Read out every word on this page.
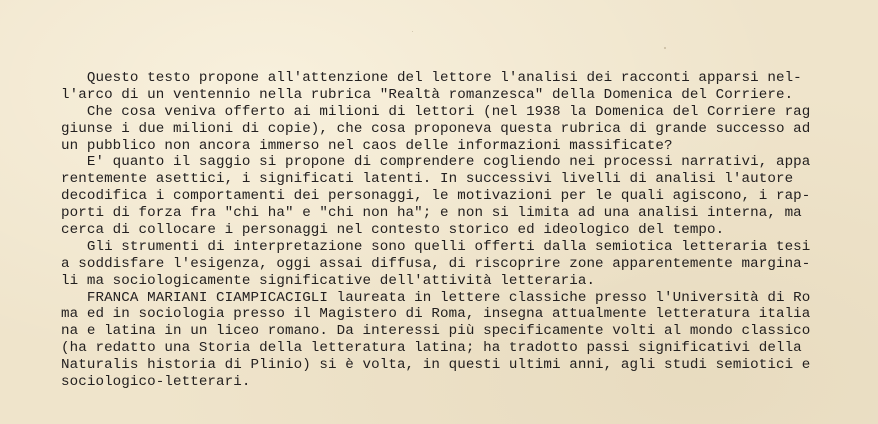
Questo testo propone all'attenzione del lettore l'analisi dei racconti apparsi nel-
l'arco di un ventennio nella rubrica "Realtà romanzesca" della Domenica del Corriere.
Che cosa veniva offerto ai milioni di lettori (nel 1938 la Domenica del Corriere rag
giunse i due milioni di copie), che cosa proponeva questa rubrica di grande successo ad
un pubblico non ancora immerso nel caos delle informazioni massificate?
E' quanto il saggio si propone di comprendere cogliendo nei processi narrativi, appa
rentemente asettici, i significati latenti. In successivi livelli di analisi l'autore
decodifica i comportamenti dei personaggi, le motivazioni per le quali agiscono, i rap-
porti di forza fra "chi ha" e "chi non ha"; e non si limita ad una analisi interna, ma
cerca di collocare i personaggi nel contesto storico ed ideologico del tempo.
Gli strumenti di interpretazione sono quelli offerti dalla semiotica letteraria tesi
a soddisfare l'esigenza, oggi assai diffusa, di riscoprire zone apparentemente margina-
li ma sociologicamente significative dell'attività letteraria.
FRANCA MARIANI CIAMPICACIGLI laureata in lettere classiche presso l'Università di Ro
ma ed in sociologia presso il Magistero di Roma, insegna attualmente letteratura italia
na e latina in un liceo romano. Da interessi più specificamente volti al mondo classico
(ha redatto una Storia della letteratura latina; ha tradotto passi significativi della
Naturalis historia di Plinio) si è volta, in questi ultimi anni, agli studi semiotici e
sociologico-letterari.
